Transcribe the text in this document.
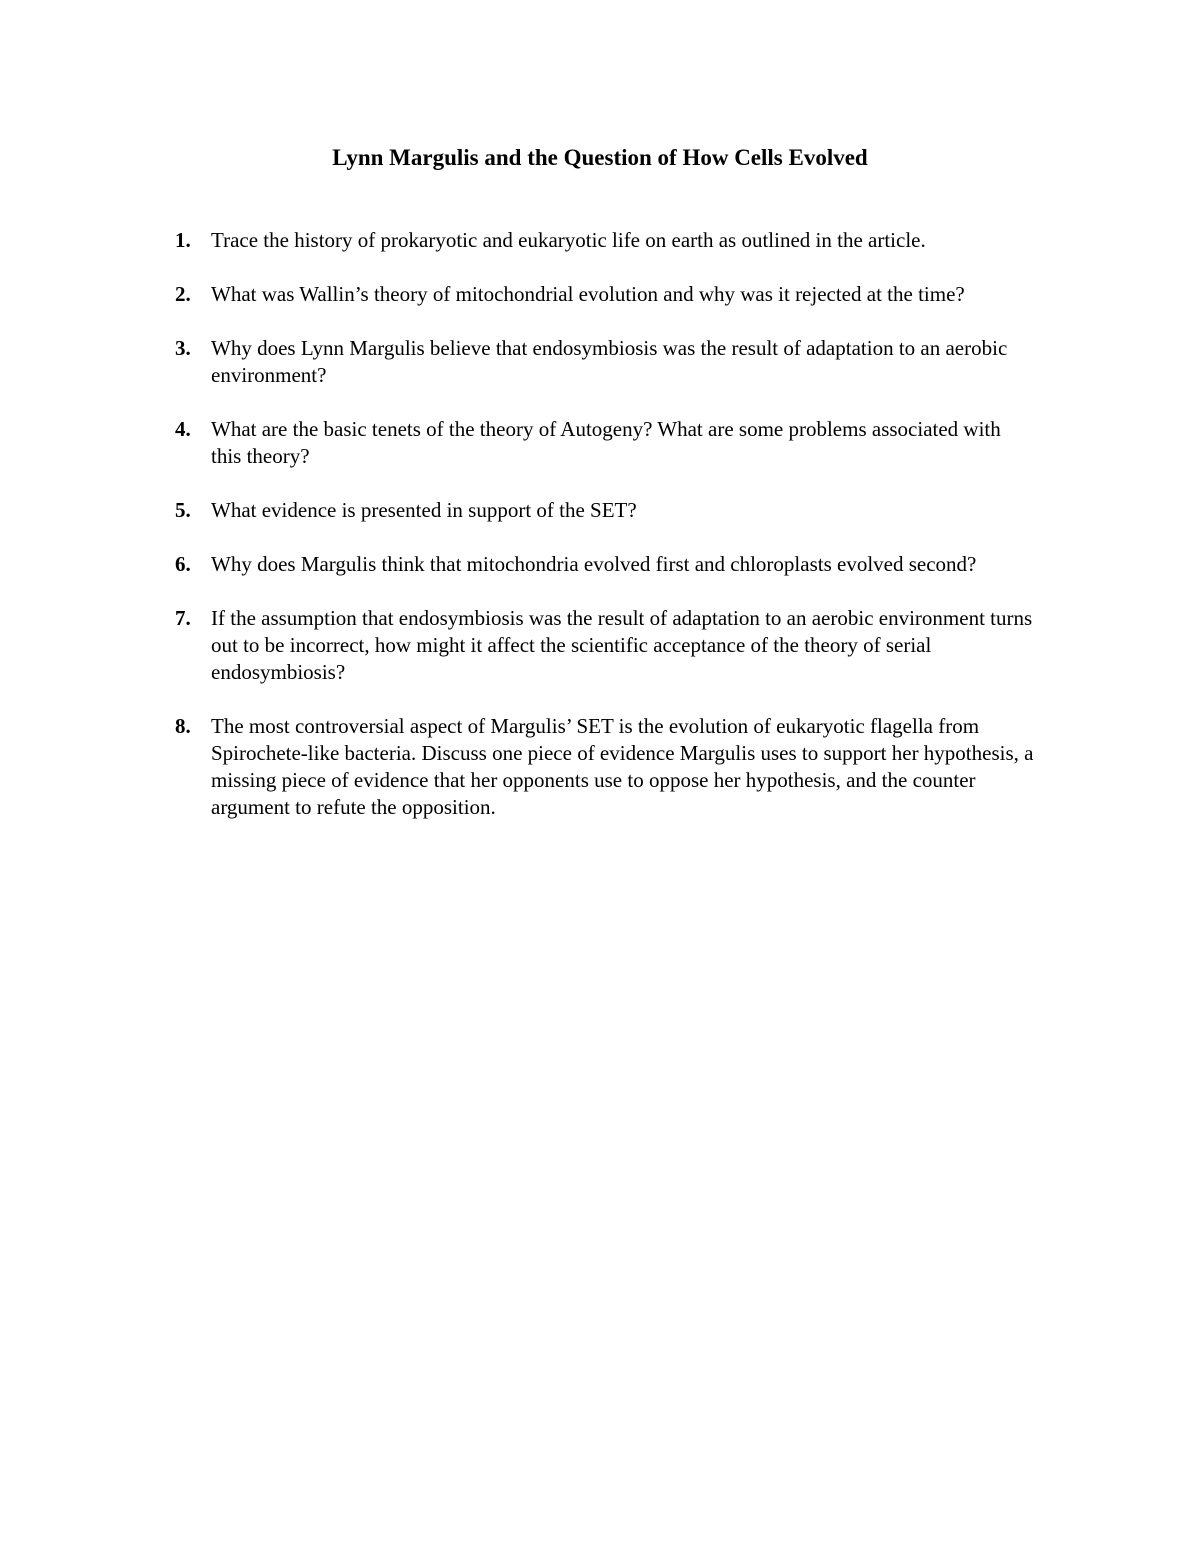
Lynn Margulis and the Question of How Cells Evolved
1. Trace the history of prokaryotic and eukaryotic life on earth as outlined in the article.
2. What was Wallin’s theory of mitochondrial evolution and why was it rejected at the time?
3. Why does Lynn Margulis believe that endosymbiosis was the result of adaptation to an aerobic environment?
4. What are the basic tenets of the theory of Autogeny? What are some problems associated with this theory?
5. What evidence is presented in support of the SET?
6. Why does Margulis think that mitochondria evolved first and chloroplasts evolved second?
7. If the assumption that endosymbiosis was the result of adaptation to an aerobic environment turns out to be incorrect, how might it affect the scientific acceptance of the theory of serial endosymbiosis?
8. The most controversial aspect of Margulis’ SET is the evolution of eukaryotic flagella from Spirochete-like bacteria. Discuss one piece of evidence Margulis uses to support her hypothesis, a missing piece of evidence that her opponents use to oppose her hypothesis, and the counter argument to refute the opposition.
